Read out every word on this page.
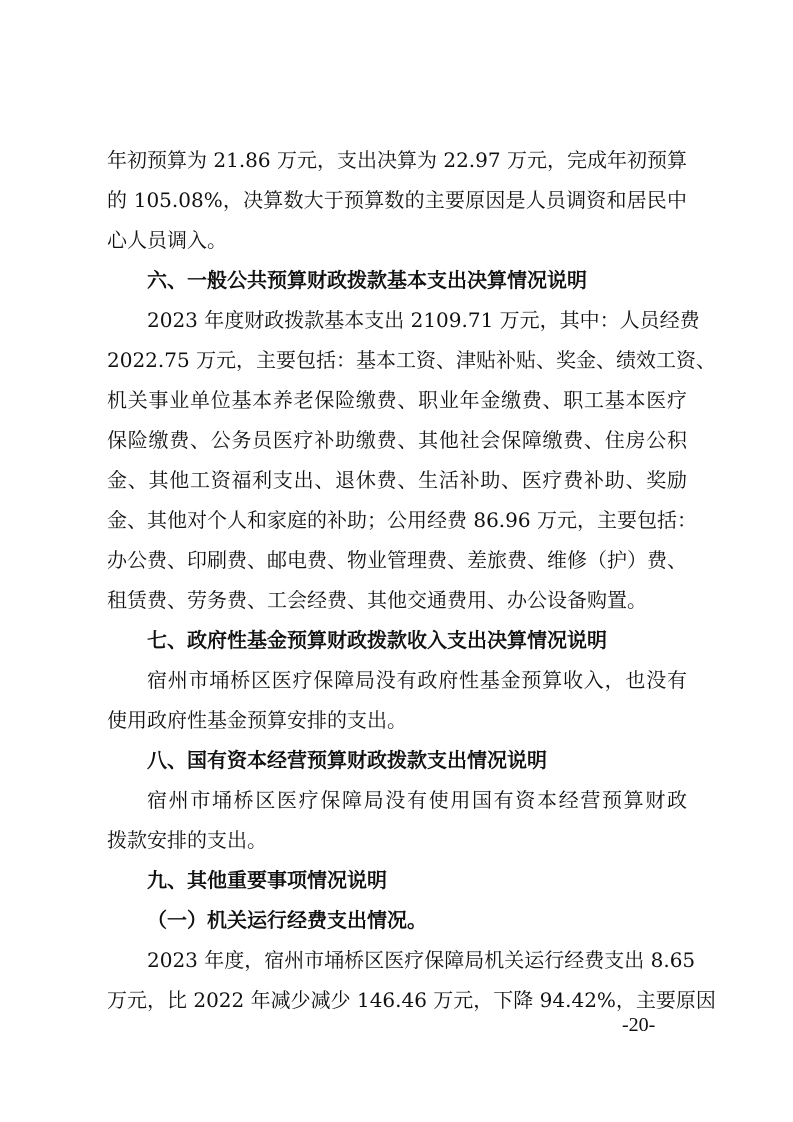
年初预算为 21.86 万元，支出决算为 22.97 万元，完成年初预算
的 105.08%，决算数大于预算数的主要原因是人员调资和居民中
心人员调入。
六、一般公共预算财政拨款基本支出决算情况说明
2023 年度财政拨款基本支出 2109.71 万元，其中：人员经费
2022.75 万元，主要包括：基本工资、津贴补贴、奖金、绩效工资、
机关事业单位基本养老保险缴费、职业年金缴费、职工基本医疗
保险缴费、公务员医疗补助缴费、其他社会保障缴费、住房公积
金、其他工资福利支出、退休费、生活补助、医疗费补助、奖励
金、其他对个人和家庭的补助；公用经费 86.96 万元，主要包括：
办公费、印刷费、邮电费、物业管理费、差旅费、维修（护）费、
租赁费、劳务费、工会经费、其他交通费用、办公设备购置。
七、政府性基金预算财政拨款收入支出决算情况说明
宿州市埇桥区医疗保障局没有政府性基金预算收入，也没有
使用政府性基金预算安排的支出。
八、国有资本经营预算财政拨款支出情况说明
宿州市埇桥区医疗保障局没有使用国有资本经营预算财政
拨款安排的支出。
九、其他重要事项情况说明
（一）机关运行经费支出情况。
2023 年度，宿州市埇桥区医疗保障局机关运行经费支出 8.65
万元，比 2022 年减少减少 146.46 万元，下降 94.42%，主要原因
-20-
